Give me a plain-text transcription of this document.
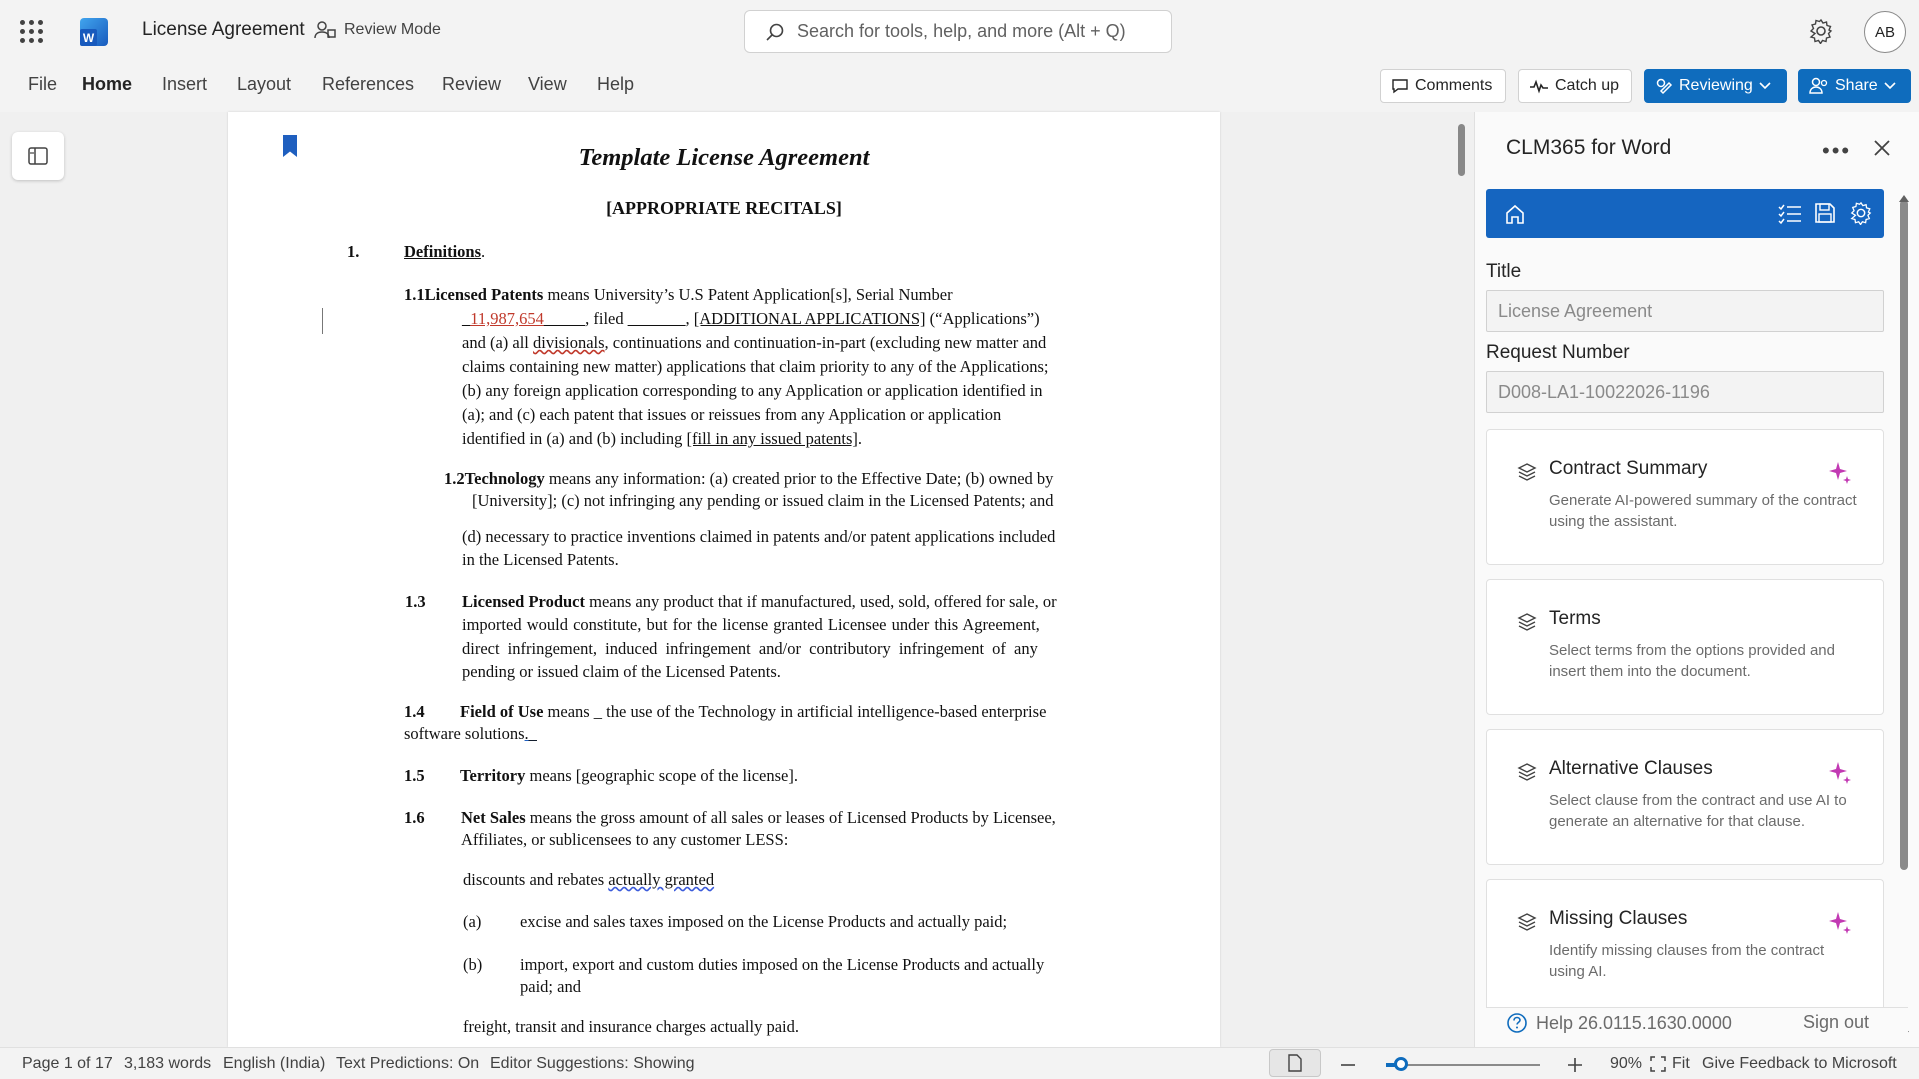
W	License Agreement Review Mode	Search for tools, help, and more (Alt + Q)	AB
File Home Insert Layout References Review View Help	Comments	Catch up	Reviewing	Share
Template License Agreement
[APPROPRIATE RECITALS]
1.	Definitions.
1.1Licensed Patents means University’s U.S Patent Application[s], Serial Number
_11,987,654_____, filed _______, [ADDITIONAL APPLICATIONS] (“Applications”)
and (a) all divisionals, continuations and continuation-in-part (excluding new matter and
claims containing new matter) applications that claim priority to any of the Applications;
(b) any foreign application corresponding to any Application or application identified in
(a); and (c) each patent that issues or reissues from any Application or application
identified in (a) and (b) including [fill in any issued patents].
1.2Technology means any information: (a) created prior to the Effective Date; (b) owned by
[University]; (c) not infringing any pending or issued claim in the Licensed Patents; and
(d) necessary to practice inventions claimed in patents and/or patent applications included
in the Licensed Patents.
1.3 Licensed Product means any product that if manufactured, used, sold, offered for sale, or
imported would constitute, but for the license granted Licensee under this Agreement,
direct infringement, induced infringement and/or contributory infringement of any
pending or issued claim of the Licensed Patents.
1.4 Field of Use means _ the use of the Technology in artificial intelligence-based enterprise
software solutions._
1.5 Territory means [geographic scope of the license].
1.6 Net Sales means the gross amount of all sales or leases of Licensed Products by Licensee,
Affiliates, or sublicensees to any customer LESS:
discounts and rebates actually granted
(a) excise and sales taxes imposed on the License Products and actually paid;
(b) import, export and custom duties imposed on the License Products and actually
paid; and
freight, transit and insurance charges actually paid.
CLM365 for Word	•••
Title
License Agreement
Request Number
D008-LA1-10022026-1196
Contract Summary
Generate AI-powered summary of the contract using the assistant.
Terms
Select terms from the options provided and insert them into the document.
Alternative Clauses
Select clause from the contract and use AI to generate an alternative for that clause.
Missing Clauses
Identify missing clauses from the contract using AI.
Help 26.0115.1630.0000	Sign out
Page 1 of 17 3,183 words English (India) Text Predictions: On Editor Suggestions: Showing	90% Fit Give Feedback to Microsoft
